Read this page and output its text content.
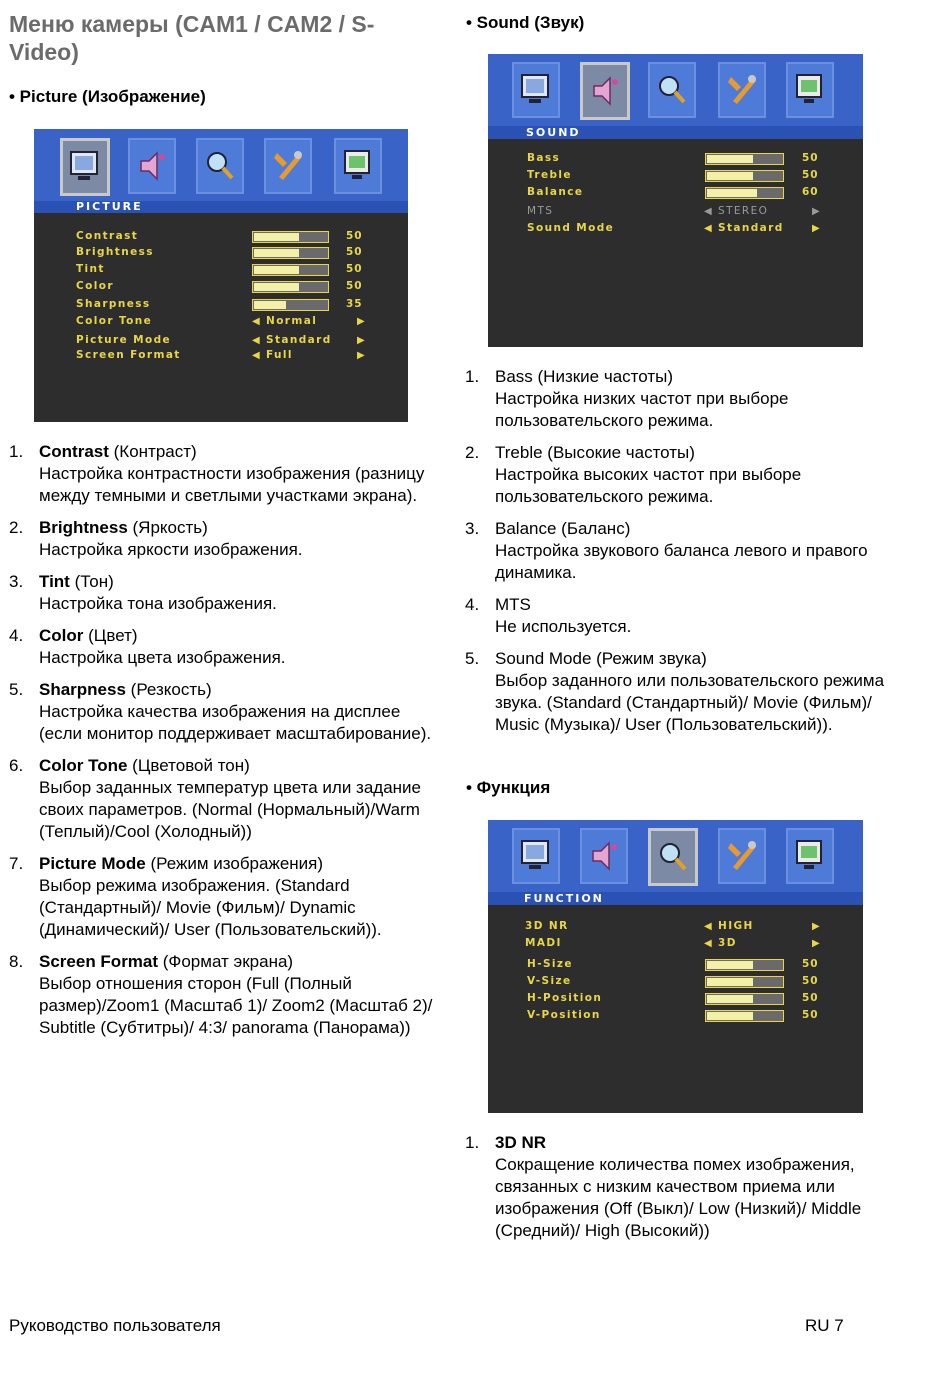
Меню камеры (CAM1 / CAM2 / S-Video)
• Picture (Изображение)
PICTURE
Contrast	50
Brightness	50
Tint	50
Color	50
Sharpness	35
Color Tone	◀ Normal	▶
Picture Mode	◀ Standard	▶
Screen Format	◀ Full	▶
1. Contrast (Контраст)
Настройка контрастности изображения (разницу между темными и светлыми участками экрана).
2. Brightness (Яркость)
Настройка яркости изображения.
3. Tint (Тон)
Настройка тона изображения.
4. Color (Цвет)
Настройка цвета изображения.
5. Sharpness (Резкость)
Настройка качества изображения на дисплее (если монитор поддерживает масштабирование).
6. Color Tone (Цветовой тон)
Выбор заданных температур цвета или задание своих параметров. (Normal (Нормальный)/Warm (Теплый)/Cool (Холодный))
7. Picture Mode (Режим изображения)
Выбор режима изображения. (Standard (Стандартный)/ Movie (Фильм)/ Dynamic (Динамический)/ User (Пользовательский)).
8. Screen Format (Формат экрана)
Выбор отношения сторон (Full (Полный размер)/Zoom1 (Масштаб 1)/ Zoom2 (Масштаб 2)/ Subtitle (Субтитры)/ 4:3/ panorama (Панорама))
• Sound (Звук)
SOUND
Bass	50
Treble	50
Balance	60
MTS	◀ STEREO	▶
Sound Mode	◀ Standard	▶
1. Bass (Низкие частоты)
Настройка низких частот при выборе пользовательского режима.
2. Treble (Высокие частоты)
Настройка высоких частот при выборе пользовательского режима.
3. Balance (Баланс)
Настройка звукового баланса левого и правого динамика.
4. MTS
Не используется.
5. Sound Mode (Режим звука)
Выбор заданного или пользовательского режима звука. (Standard (Стандартный)/ Movie (Фильм)/ Music (Музыка)/ User (Пользовательский)).
• Функция
FUNCTION
3D NR	◀ HIGH	▶
MADI	◀ 3D	▶
H-Size	50
V-Size	50
H-Position	50
V-Position	50
1. 3D NR
Сокращение количества помех изображения, связанных с низким качеством приема или изображения (Off (Выкл)/ Low (Низкий)/ Middle (Средний)/ High (Высокий))
Руководство пользователя	RU 7
